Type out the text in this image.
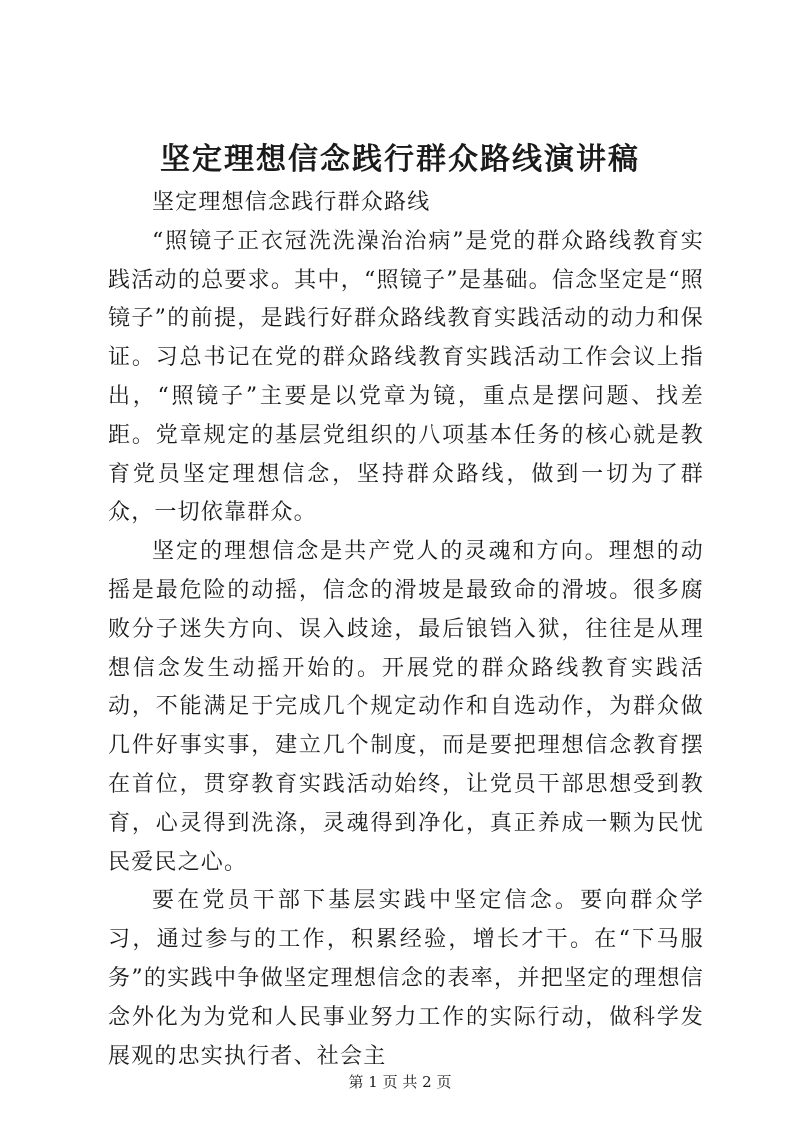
坚定理想信念践行群众路线演讲稿

坚定理想信念践行群众路线

“照镜子正衣冠洗洗澡治治病”是党的群众路线教育实践活动的总要求。其中，“照镜子”是基础。信念坚定是“照镜子”的前提，是践行好群众路线教育实践活动的动力和保证。习总书记在党的群众路线教育实践活动工作会议上指出，“照镜子”主要是以党章为镜，重点是摆问题、找差距。党章规定的基层党组织的八项基本任务的核心就是教育党员坚定理想信念，坚持群众路线，做到一切为了群众，一切依靠群众。

坚定的理想信念是共产党人的灵魂和方向。理想的动摇是最危险的动摇，信念的滑坡是最致命的滑坡。很多腐败分子迷失方向、误入歧途，最后锒铛入狱，往往是从理想信念发生动摇开始的。开展党的群众路线教育实践活动，不能满足于完成几个规定动作和自选动作，为群众做几件好事实事，建立几个制度，而是要把理想信念教育摆在首位，贯穿教育实践活动始终，让党员干部思想受到教育，心灵得到洗涤，灵魂得到净化，真正养成一颗为民忧民爱民之心。

要在党员干部下基层实践中坚定信念。要向群众学习，通过参与的工作，积累经验，增长才干。在“下马服务”的实践中争做坚定理想信念的表率，并把坚定的理想信念外化为为党和人民事业努力工作的实际行动，做科学发展观的忠实执行者、社会主

第 1 页 共 2 页
